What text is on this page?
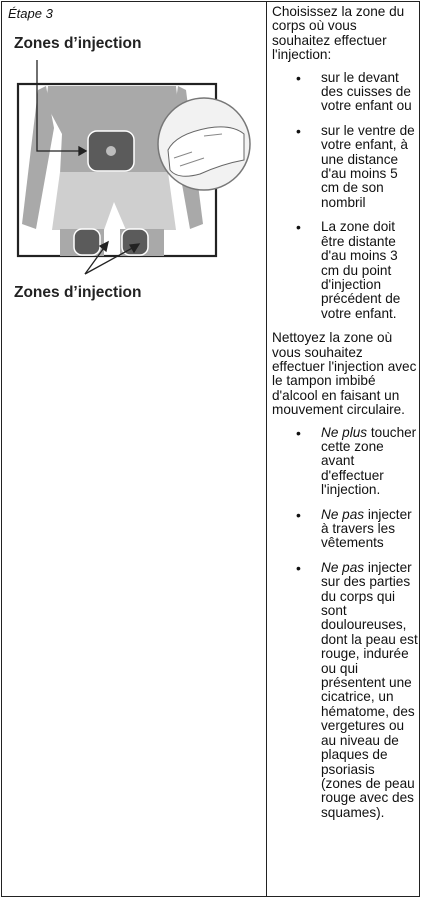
Étape 3
Zones d’injection
Zones d’injection

Choisissez la zone du corps où vous souhaitez effectuer l'injection:

• sur le devant des cuisses de votre enfant ou
• sur le ventre de votre enfant, à une distance d'au moins 5 cm de son nombril
• La zone doit être distante d'au moins 3 cm du point d'injection précédent de votre enfant.

Nettoyez la zone où vous souhaitez effectuer l'injection avec le tampon imbibé d'alcool en faisant un mouvement circulaire.

• Ne plus toucher cette zone avant d'effectuer l'injection.
• Ne pas injecter à travers les vêtements
• Ne pas injecter sur des parties du corps qui sont douloureuses, dont la peau est rouge, indurée ou qui présentent une cicatrice, un hématome, des vergetures ou au niveau de plaques de psoriasis (zones de peau rouge avec des squames).
